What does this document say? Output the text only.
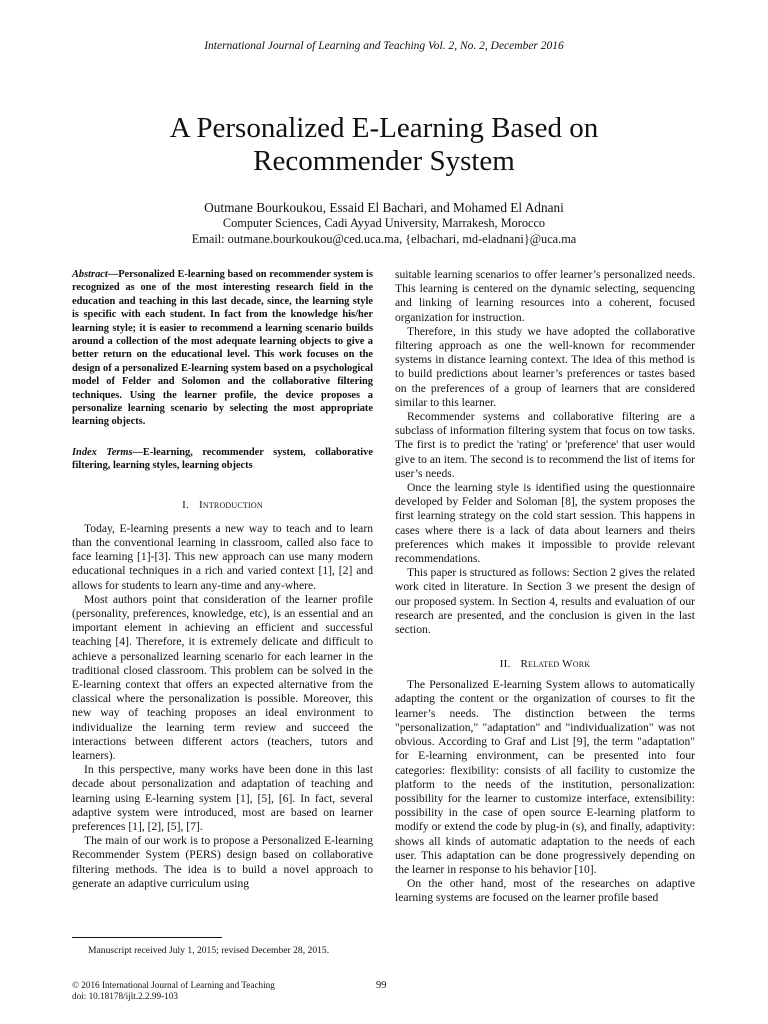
International Journal of Learning and Teaching Vol. 2, No. 2, December 2016
A Personalized E-Learning Based on
Recommender System
Outmane Bourkoukou, Essaid El Bachari, and Mohamed El Adnani
Computer Sciences, Cadi Ayyad University, Marrakesh, Morocco
Email: outmane.bourkoukou@ced.uca.ma, {elbachari, md-eladnani}@uca.ma

Abstract—Personalized E-learning based on recommender system is recognized as one of the most interesting research field in the education and teaching in this last decade, since, the learning style is specific with each student. In fact from the knowledge his/her learning style; it is easier to recommend a learning scenario builds around a collection of the most adequate learning objects to give a better return on the educational level. This work focuses on the design of a personalized E-learning system based on a psychological model of Felder and Solomon and the collaborative filtering techniques. Using the learner profile, the device proposes a personalize learning scenario by selecting the most appropriate learning objects.

Index Terms—E-learning, recommender system, collaborative filtering, learning styles, learning objects

I. Introduction

Today, E-learning presents a new way to teach and to learn than the conventional learning in classroom, called also face to face learning [1]-[3]. This new approach can use many modern educational techniques in a rich and varied context [1], [2] and allows for students to learn any-time and any-where.

Most authors point that consideration of the learner profile (personality, preferences, knowledge, etc), is an essential and an important element in achieving an efficient and successful teaching [4]. Therefore, it is extremely delicate and difficult to achieve a personalized learning scenario for each learner in the traditional closed classroom. This problem can be solved in the E-learning context that offers an expected alternative from the classical where the personalization is possible. Moreover, this new way of teaching proposes an ideal environment to individualize the learning term review and succeed the interactions between different actors (teachers, tutors and learners).

In this perspective, many works have been done in this last decade about personalization and adaptation of teaching and learning using E-learning system [1], [5], [6]. In fact, several adaptive system were introduced, most are based on learner preferences [1], [2], [5], [7].

The main of our work is to propose a Personalized E-learning Recommender System (PERS) design based on collaborative filtering methods. The idea is to build a novel approach to generate an adaptive curriculum using

suitable learning scenarios to offer learner’s personalized needs. This learning is centered on the dynamic selecting, sequencing and linking of learning resources into a coherent, focused organization for instruction.

Therefore, in this study we have adopted the collaborative filtering approach as one the well-known for recommender systems in distance learning context. The idea of this method is to build predictions about learner’s preferences or tastes based on the preferences of a group of learners that are considered similar to this learner.

Recommender systems and collaborative filtering are a subclass of information filtering system that focus on tow tasks. The first is to predict the 'rating' or 'preference' that user would give to an item. The second is to recommend the list of items for user’s needs.

Once the learning style is identified using the questionnaire developed by Felder and Soloman [8], the system proposes the first learning strategy on the cold start session. This happens in cases where there is a lack of data about learners and theirs preferences which makes it impossible to provide relevant recommendations.

This paper is structured as follows: Section 2 gives the related work cited in literature. In Section 3 we present the design of our proposed system. In Section 4, results and evaluation of our research are presented, and the conclusion is given in the last section.

II. Related Work

The Personalized E-learning System allows to automatically adapting the content or the organization of courses to fit the learner’s needs. The distinction between the terms "personalization," "adaptation" and "individualization" was not obvious. According to Graf and List [9], the term "adaptation" for E-learning environment, can be presented into four categories: flexibility: consists of all facility to customize the platform to the needs of the institution, personalization: possibility for the learner to customize interface, extensibility: possibility in the case of open source E-learning platform to modify or extend the code by plug-in (s), and finally, adaptivity: shows all kinds of automatic adaptation to the needs of each user. This adaptation can be done progressively depending on the learner in response to his behavior [10].

On the other hand, most of the researches on adaptive learning systems are focused on the learner profile based

Manuscript received July 1, 2015; revised December 28, 2015.
© 2016 International Journal of Learning and Teaching
doi: 10.18178/ijlt.2.2.99-103
99
